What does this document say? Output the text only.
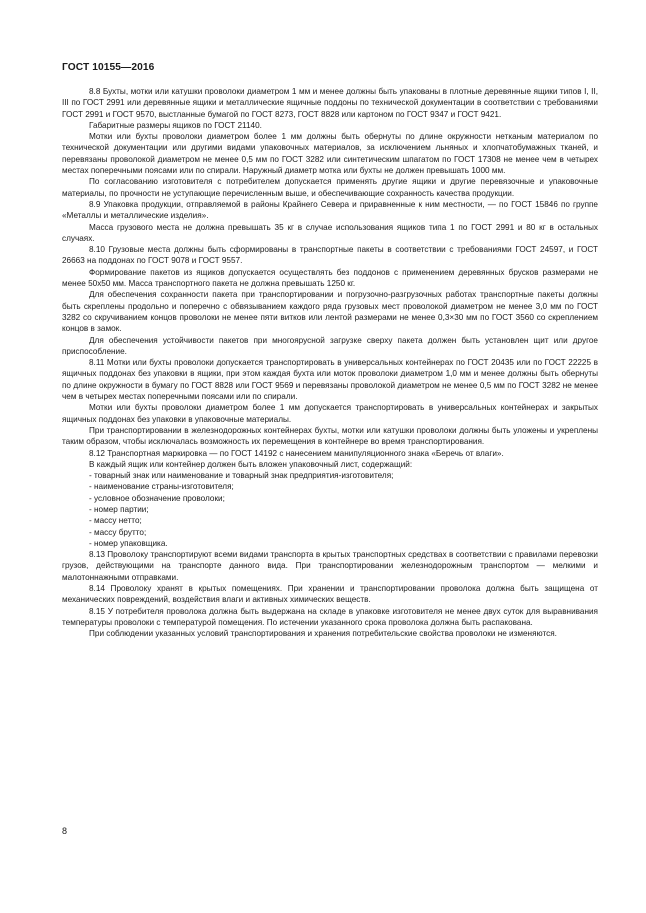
ГОСТ 10155—2016

8.8 Бухты, мотки или катушки проволоки диаметром 1 мм и менее должны быть упакованы в плотные деревянные ящики типов I, II, III по ГОСТ 2991 или деревянные ящики и металлические ящичные поддоны по технической документации в соответствии с требованиями ГОСТ 2991 и ГОСТ 9570, выстланные бумагой по ГОСТ 8273, ГОСТ 8828 или картоном по ГОСТ 9347 и ГОСТ 9421.

Габаритные размеры ящиков по ГОСТ 21140.

Мотки или бухты проволоки диаметром более 1 мм должны быть обернуты по длине окружности нетканым материалом по технической документации или другими видами упаковочных материалов, за исключением льняных и хлопчатобумажных тканей, и перевязаны проволокой диаметром не менее 0,5 мм по ГОСТ 3282 или синтетическим шпагатом по ГОСТ 17308 не менее чем в четырех местах поперечными поясами или по спирали. Наружный диаметр мотка или бухты не должен превышать 1000 мм.

По согласованию изготовителя с потребителем допускается применять другие ящики и другие перевязочные и упаковочные материалы, по прочности не уступающие перечисленным выше, и обеспечивающие сохранность качества продукции.

8.9 Упаковка продукции, отправляемой в районы Крайнего Севера и приравненные к ним местности, — по ГОСТ 15846 по группе «Металлы и металлические изделия».

Масса грузового места не должна превышать 35 кг в случае использования ящиков типа 1 по ГОСТ 2991 и 80 кг в остальных случаях.

8.10 Грузовые места должны быть сформированы в транспортные пакеты в соответствии с требованиями ГОСТ 24597, и ГОСТ 26663 на поддонах по ГОСТ 9078 и ГОСТ 9557.

Формирование пакетов из ящиков допускается осуществлять без поддонов с применением деревянных брусков размерами не менее 50х50 мм. Масса транспортного пакета не должна превышать 1250 кг.

Для обеспечения сохранности пакета при транспортировании и погрузочно-разгрузочных работах транспортные пакеты должны быть скреплены продольно и поперечно с обвязыванием каждого ряда грузовых мест проволокой диаметром не менее 3,0 мм по ГОСТ 3282 со скручиванием концов проволоки не менее пяти витков или лентой размерами не менее 0,3×30 мм по ГОСТ 3560 со скреплением концов в замок.

Для обеспечения устойчивости пакетов при многоярусной загрузке сверху пакета должен быть установлен щит или другое приспособление.

8.11 Мотки или бухты проволоки допускается транспортировать в универсальных контейнерах по ГОСТ 20435 или по ГОСТ 22225 в ящичных поддонах без упаковки в ящики, при этом каждая бухта или моток проволоки диаметром 1,0 мм и менее должны быть обернуты по длине окружности в бумагу по ГОСТ 8828 или ГОСТ 9569 и перевязаны проволокой диаметром не менее 0,5 мм по ГОСТ 3282 не менее чем в четырех местах поперечными поясами или по спирали.

Мотки или бухты проволоки диаметром более 1 мм допускается транспортировать в универсальных контейнерах и закрытых ящичных поддонах без упаковки в упаковочные материалы.

При транспортировании в железнодорожных контейнерах бухты, мотки или катушки проволоки должны быть уложены и укреплены таким образом, чтобы исключалась возможность их перемещения в контейнере во время транспортирования.

8.12 Транспортная маркировка — по ГОСТ 14192 с нанесением манипуляционного знака «Беречь от влаги».

В каждый ящик или контейнер должен быть вложен упаковочный лист, содержащий:

- товарный знак или наименование и товарный знак предприятия-изготовителя;

- наименование страны-изготовителя;

- условное обозначение проволоки;

- номер партии;

- массу нетто;

- массу брутто;

- номер упаковщика.

8.13 Проволоку транспортируют всеми видами транспорта в крытых транспортных средствах в соответствии с правилами перевозки грузов, действующими на транспорте данного вида. При транспортировании железнодорожным транспортом — мелкими и малотоннажными отправками.

8.14 Проволоку хранят в крытых помещениях. При хранении и транспортировании проволока должна быть защищена от механических повреждений, воздействия влаги и активных химических веществ.

8.15 У потребителя проволока должна быть выдержана на складе в упаковке изготовителя не менее двух суток для выравнивания температуры проволоки с температурой помещения. По истечении указанного срока проволока должна быть распакована.

При соблюдении указанных условий транспортирования и хранения потребительские свойства проволоки не изменяются.

8
